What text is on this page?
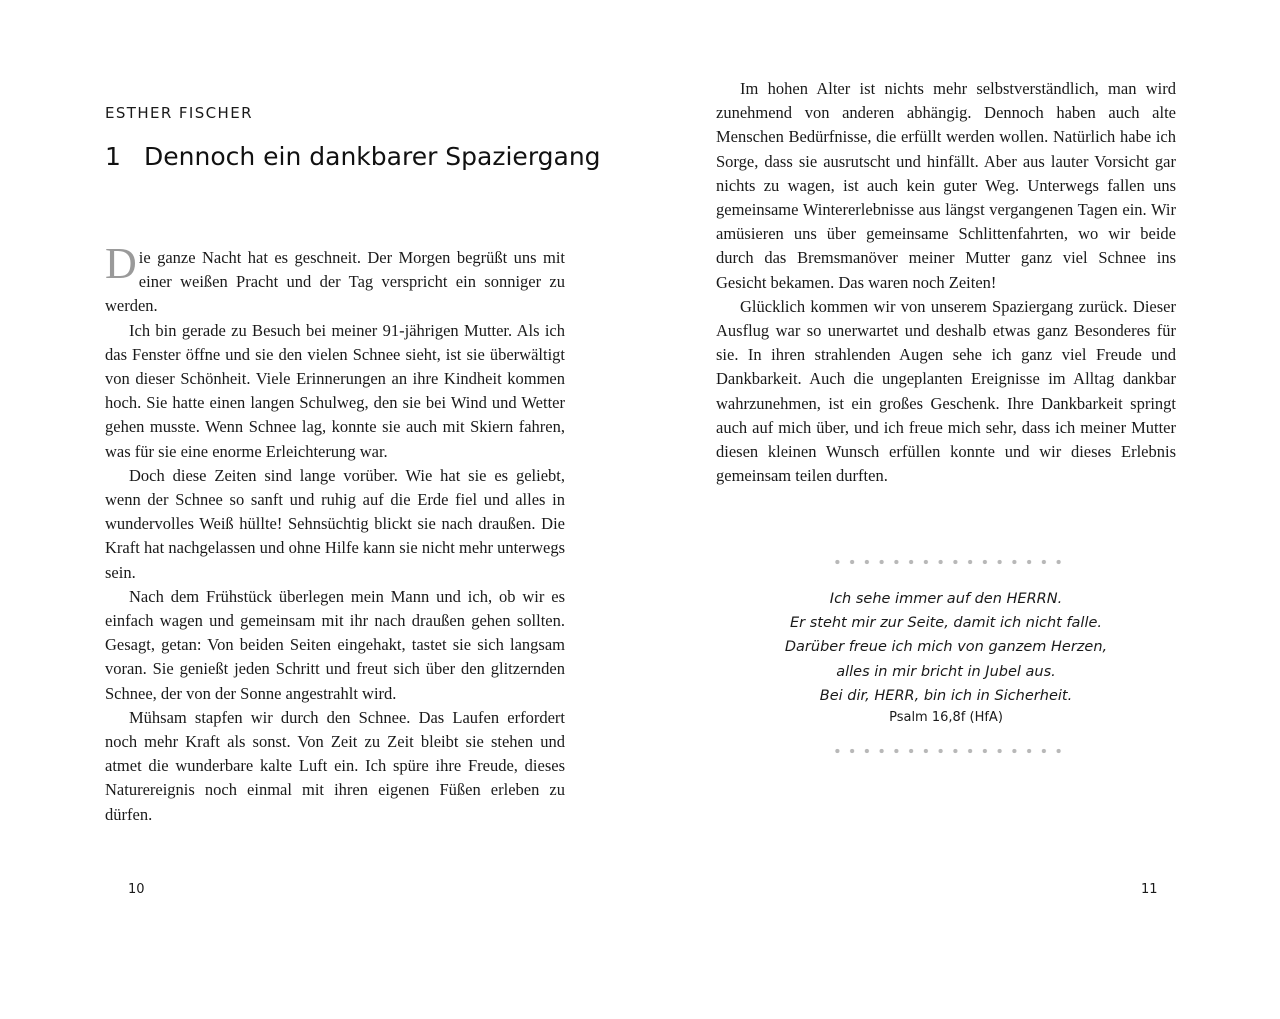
ESTHER FISCHER
1 Dennoch ein dankbarer Spaziergang

Die ganze Nacht hat es geschneit. Der Morgen begrüßt uns mit einer weißen Pracht und der Tag verspricht ein sonniger zu werden.

Ich bin gerade zu Besuch bei meiner 91-jährigen Mutter. Als ich das Fenster öffne und sie den vielen Schnee sieht, ist sie überwältigt von dieser Schönheit. Viele Erinnerungen an ihre Kindheit kommen hoch. Sie hatte einen langen Schulweg, den sie bei Wind und Wetter gehen musste. Wenn Schnee lag, konnte sie auch mit Skiern fahren, was für sie eine enorme Erleichterung war.

Doch diese Zeiten sind lange vorüber. Wie hat sie es geliebt, wenn der Schnee so sanft und ruhig auf die Erde fiel und alles in wundervolles Weiß hüllte! Sehnsüchtig blickt sie nach draußen. Die Kraft hat nachgelassen und ohne Hilfe kann sie nicht mehr unterwegs sein.

Nach dem Frühstück überlegen mein Mann und ich, ob wir es einfach wagen und gemeinsam mit ihr nach draußen gehen sollten. Gesagt, getan: Von beiden Seiten eingehakt, tastet sie sich langsam voran. Sie genießt jeden Schritt und freut sich über den glitzernden Schnee, der von der Sonne angestrahlt wird.

Mühsam stapfen wir durch den Schnee. Das Laufen erfordert noch mehr Kraft als sonst. Von Zeit zu Zeit bleibt sie stehen und atmet die wunderbare kalte Luft ein. Ich spüre ihre Freude, dieses Naturereignis noch einmal mit ihren eigenen Füßen erleben zu dürfen.

10

Im hohen Alter ist nichts mehr selbstverständlich, man wird zunehmend von anderen abhängig. Dennoch haben auch alte Menschen Bedürfnisse, die erfüllt werden wollen. Natürlich habe ich Sorge, dass sie ausrutscht und hinfällt. Aber aus lauter Vorsicht gar nichts zu wagen, ist auch kein guter Weg. Unterwegs fallen uns gemeinsame Wintererlebnisse aus längst vergangenen Tagen ein. Wir amüsieren uns über gemeinsame Schlittenfahrten, wo wir beide durch das Bremsmanöver meiner Mutter ganz viel Schnee ins Gesicht bekamen. Das waren noch Zeiten!

Glücklich kommen wir von unserem Spaziergang zurück. Dieser Ausflug war so unerwartet und deshalb etwas ganz Besonderes für sie. In ihren strahlenden Augen sehe ich ganz viel Freude und Dankbarkeit. Auch die ungeplanten Ereignisse im Alltag dankbar wahrzunehmen, ist ein großes Geschenk. Ihre Dankbarkeit springt auch auf mich über, und ich freue mich sehr, dass ich meiner Mutter diesen kleinen Wunsch erfüllen konnte und wir dieses Erlebnis gemeinsam teilen durften.

Ich sehe immer auf den HERRN.
Er steht mir zur Seite, damit ich nicht falle.
Darüber freue ich mich von ganzem Herzen,
alles in mir bricht in Jubel aus.
Bei dir, HERR, bin ich in Sicherheit.
Psalm 16,8f (HfA)
11
